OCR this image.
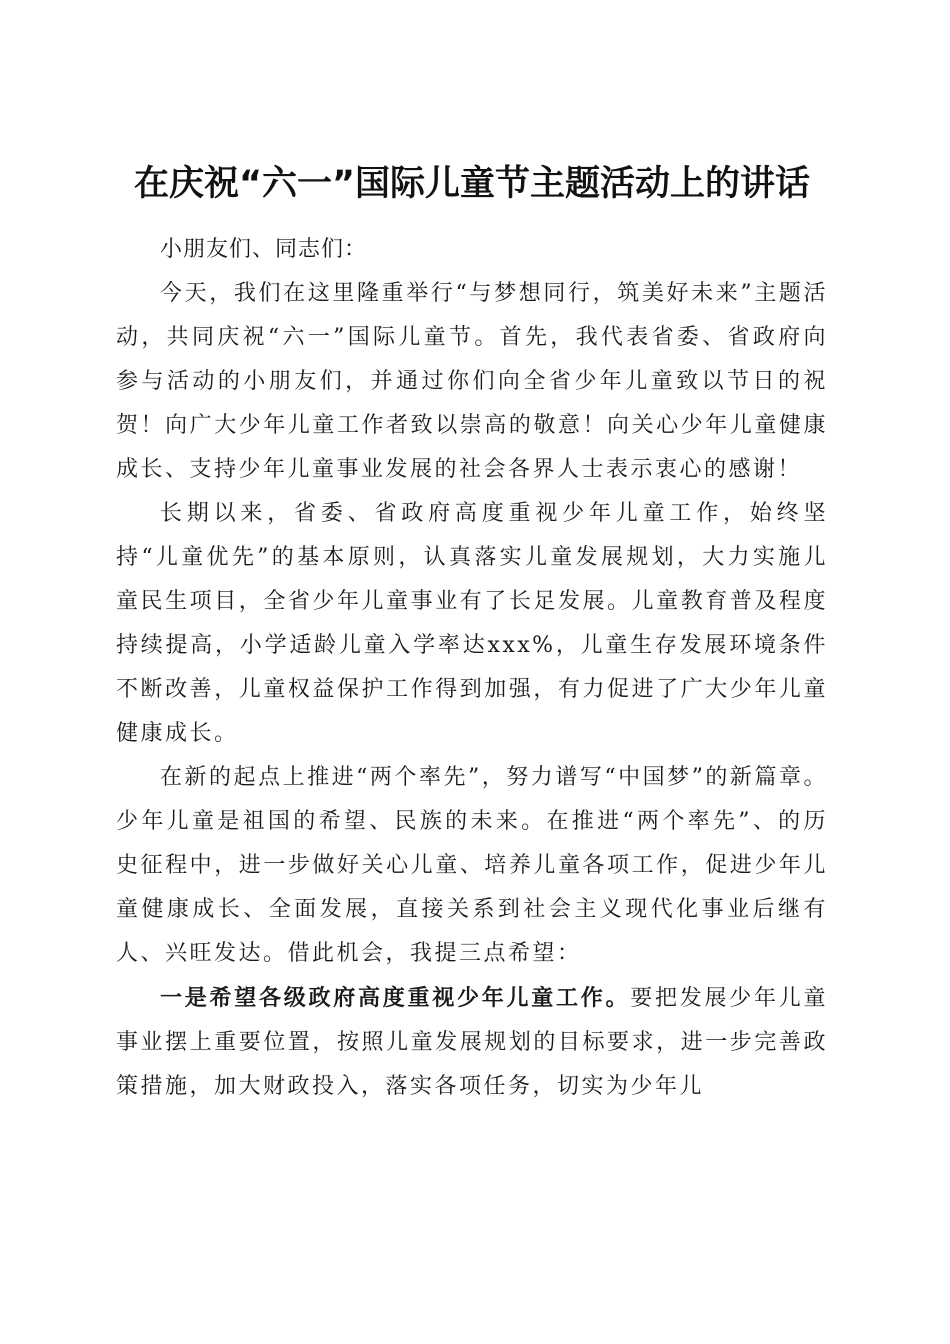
在庆祝“六一”国际儿童节主题活动上的讲话

小朋友们、同志们：

今天，我们在这里隆重举行“与梦想同行，筑美好未来”主题活动，共同庆祝“六一”国际儿童节。首先，我代表省委、省政府向参与活动的小朋友们，并通过你们向全省少年儿童致以节日的祝贺！向广大少年儿童工作者致以崇高的敬意！向关心少年儿童健康成长、支持少年儿童事业发展的社会各界人士表示衷心的感谢！

长期以来，省委、省政府高度重视少年儿童工作，始终坚持“儿童优先”的基本原则，认真落实儿童发展规划，大力实施儿童民生项目，全省少年儿童事业有了长足发展。儿童教育普及程度持续提高，小学适龄儿童入学率达xxx%，儿童生存发展环境条件不断改善，儿童权益保护工作得到加强，有力促进了广大少年儿童健康成长。

在新的起点上推进“两个率先”，努力谱写“中国梦”的新篇章。少年儿童是祖国的希望、民族的未来。在推进“两个率先”、的历史征程中，进一步做好关心儿童、培养儿童各项工作，促进少年儿童健康成长、全面发展，直接关系到社会主义现代化事业后继有人、兴旺发达。借此机会，我提三点希望：

一是希望各级政府高度重视少年儿童工作。要把发展少年儿童事业摆上重要位置，按照儿童发展规划的目标要求，进一步完善政策措施，加大财政投入，落实各项任务，切实为少年儿
